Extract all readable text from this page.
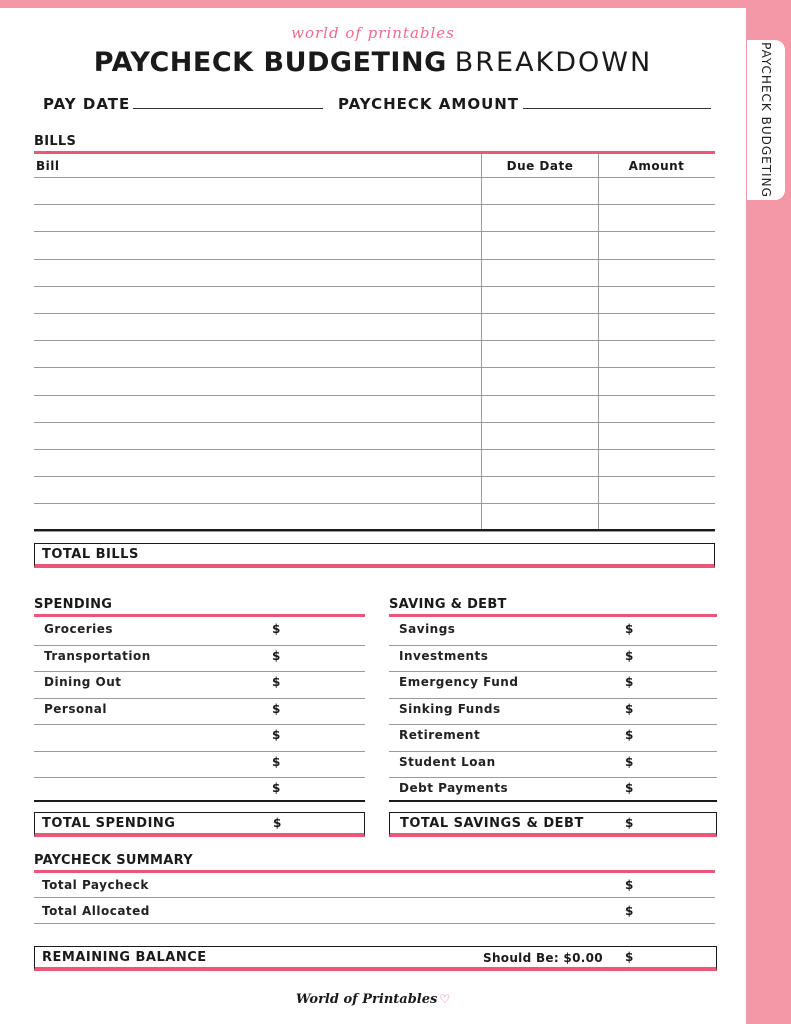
PAYCHECK BUDGETING
world of printables
PAYCHECK BUDGETING BREAKDOWN
PAY DATE	PAYCHECK AMOUNT
BILLS
Bill	Due Date	Amount
TOTAL BILLS
SPENDING
Groceries	$
Transportation	$
Dining Out	$
Personal	$
$
$
$
TOTAL SPENDING	$
SAVING & DEBT
Savings	$
Investments	$
Emergency Fund	$
Sinking Funds	$
Retirement	$
Student Loan	$
Debt Payments	$
TOTAL SAVINGS & DEBT	$
PAYCHECK SUMMARY
Total Paycheck	$
Total Allocated	$
REMAINING BALANCE	Should Be: $0.00 $
World of Printables ♡
